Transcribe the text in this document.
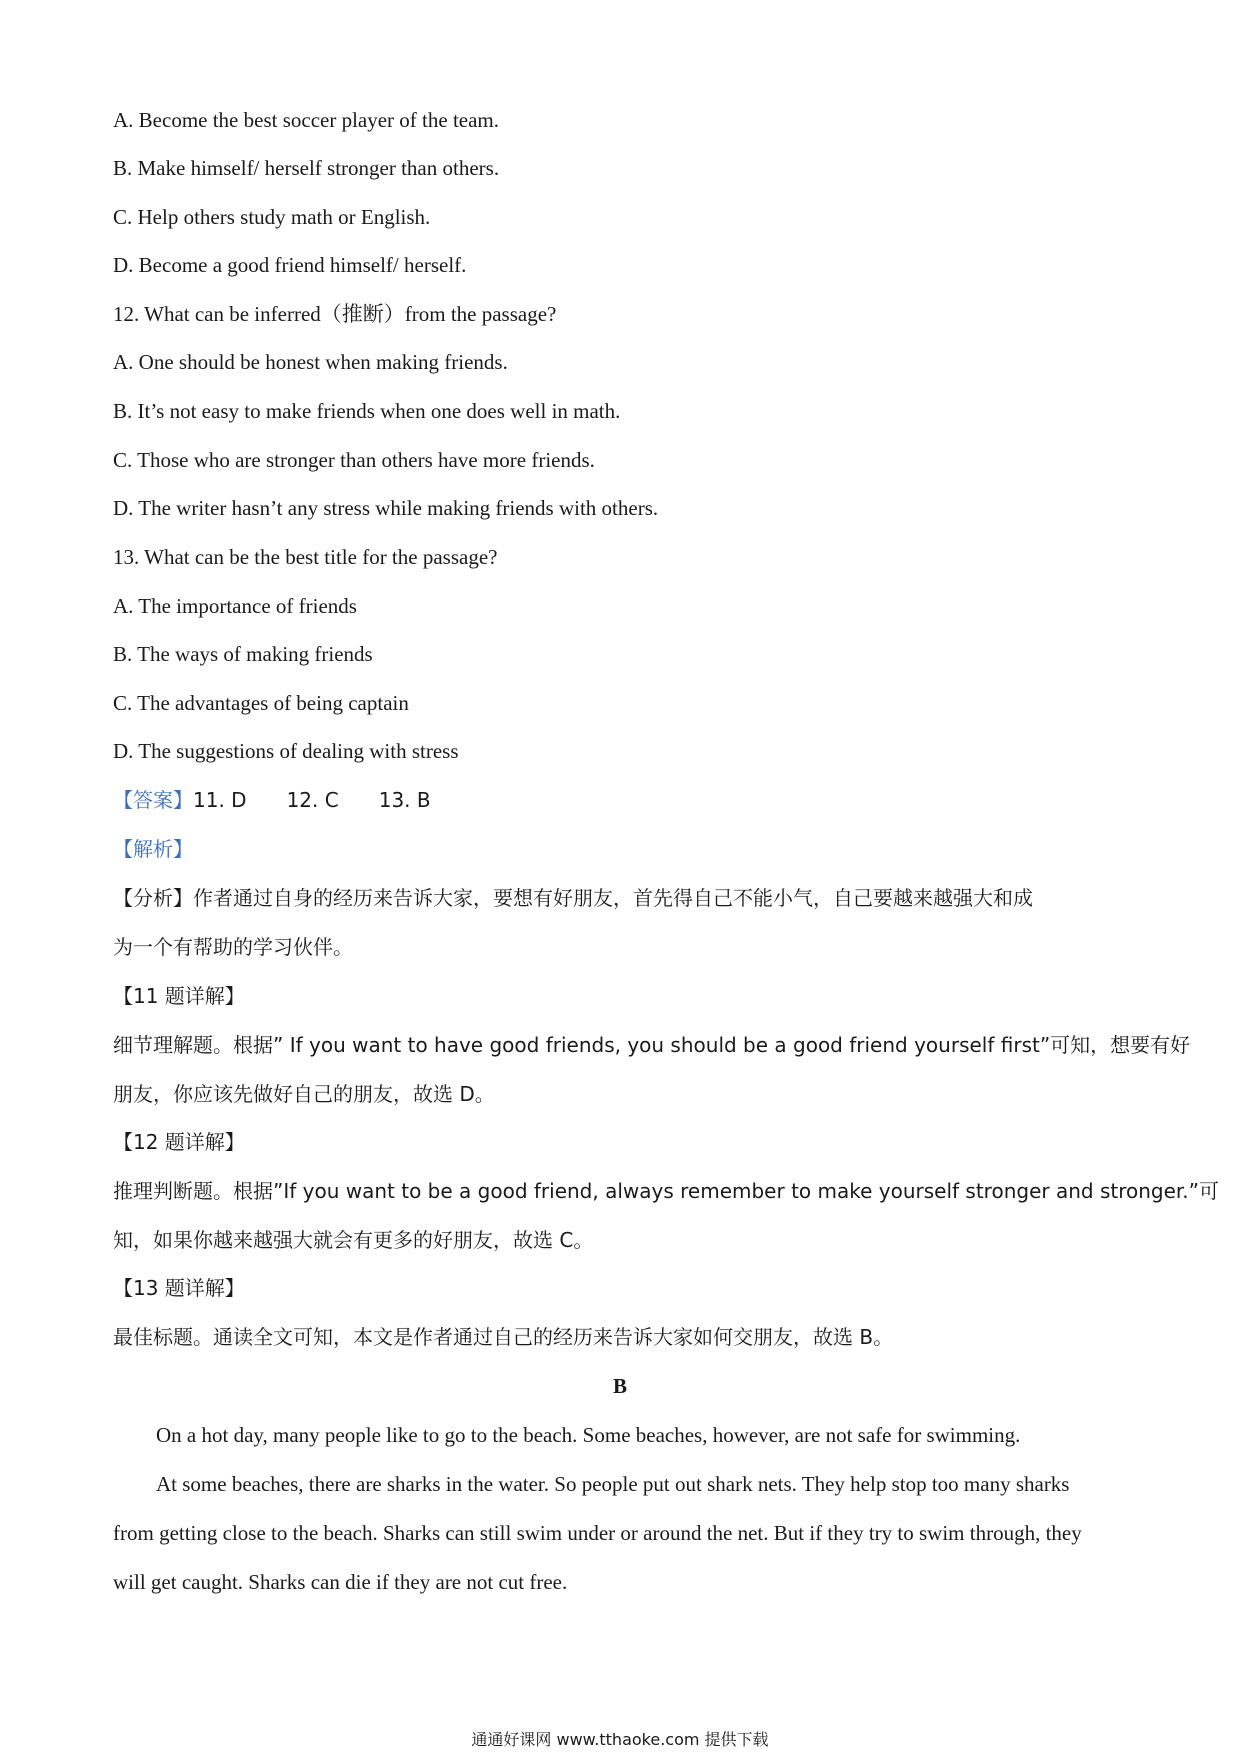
A. Become the best soccer player of the team.
B. Make himself/ herself stronger than others.
C. Help others study math or English.
D. Become a good friend himself/ herself.
12. What can be inferred（推断）from the passage?
A. One should be honest when making friends.
B. It’s not easy to make friends when one does well in math.
C. Those who are stronger than others have more friends.
D. The writer hasn’t any stress while making friends with others.
13. What can be the best title for the passage?
A. The importance of friends
B. The ways of making friends
C. The advantages of being captain
D. The suggestions of dealing with stress
【答案】11. D 12. C 13. B
【解析】
【分析】作者通过自身的经历来告诉大家，要想有好朋友，首先得自己不能小气，自己要越来越强大和成
为一个有帮助的学习伙伴。
【11 题详解】
细节理解题。根据” If you want to have good friends, you should be a good friend yourself first”可知，想要有好
朋友，你应该先做好自己的朋友，故选 D。
【12 题详解】
推理判断题。根据”If you want to be a good friend, always remember to make yourself stronger and stronger.”可
知，如果你越来越强大就会有更多的好朋友，故选 C。
【13 题详解】
最佳标题。通读全文可知，本文是作者通过自己的经历来告诉大家如何交朋友，故选 B。
B
On a hot day, many people like to go to the beach. Some beaches, however, are not safe for swimming.
At some beaches, there are sharks in the water. So people put out shark nets. They help stop too many sharks
from getting close to the beach. Sharks can still swim under or around the net. But if they try to swim through, they
will get caught. Sharks can die if they are not cut free.
通通好课网 www.tthaoke.com 提供下载
